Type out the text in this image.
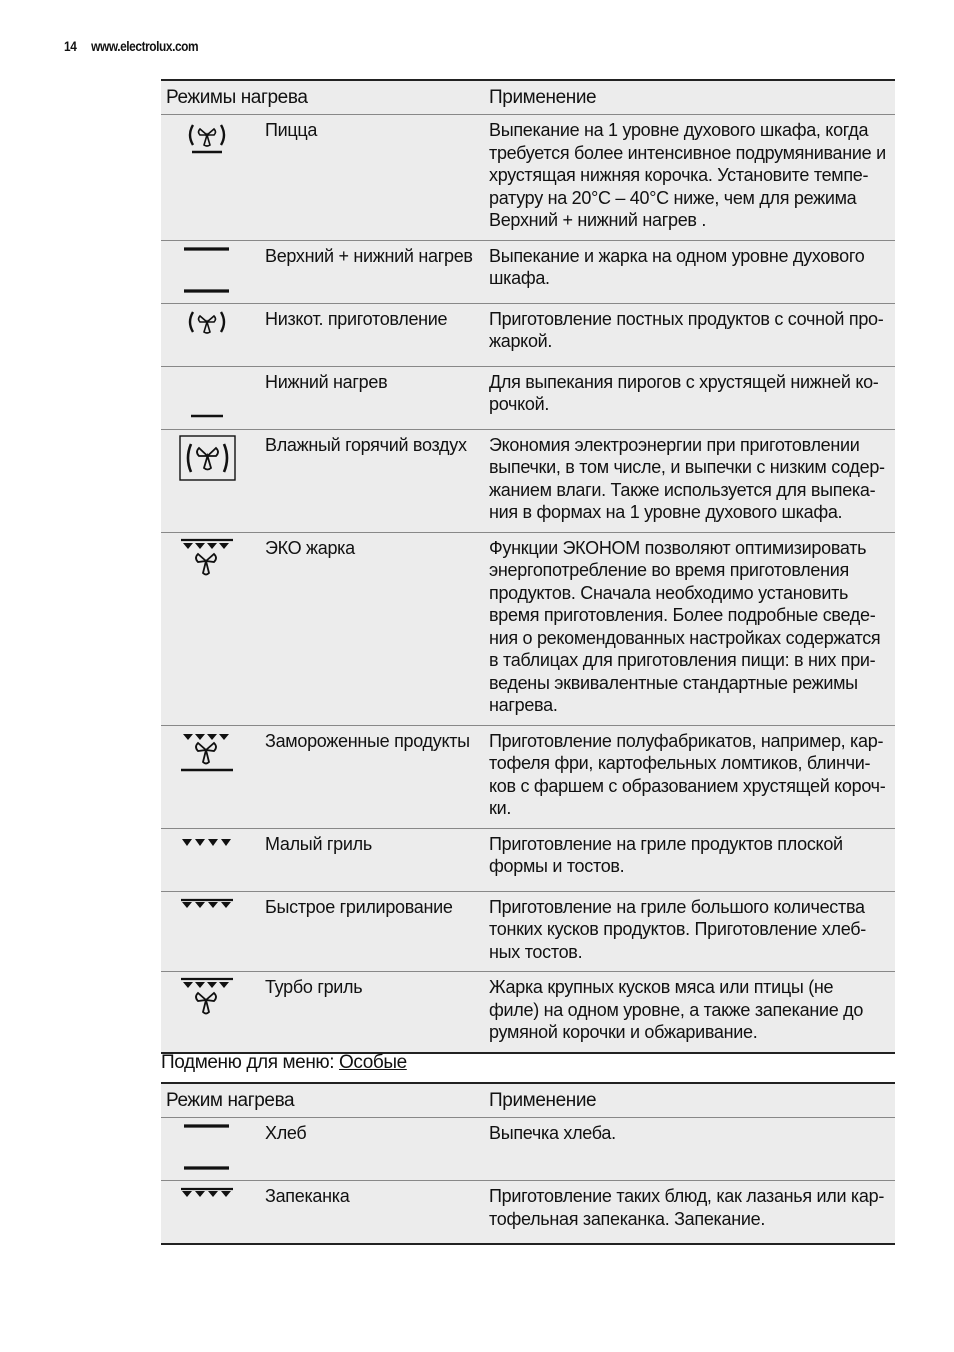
14 www.electrolux.com
Режимы нагрева		Применение

	Пицца	Выпекание на 1 уровне духового шкафа, когда требуется более интенсивное подрумянивание и хрустящая нижняя корочка. Установите темпе-ратуру на 20°C – 40°C ниже, чем для режима Верхний + нижний нагрев .

	Верхний + нижний нагрев	Выпекание и жарка на одном уровне духового шкафа.

	Низкот. приготовление	Приготовление постных продуктов с сочной про-жаркой.

	Нижний нагрев	Для выпекания пирогов с хрустящей нижней ко-рочкой.

	Влажный горячий воздух	Экономия электроэнергии при приготовлении выпечки, в том числе, и выпечки с низким содер-жанием влаги. Также используется для выпека-ния в формах на 1 уровне духового шкафа.

	ЭКО жарка	Функции ЭКОНОМ позволяют оптимизировать энергопотребление во время приготовления продуктов. Сначала необходимо установить время приготовления. Более подробные сведе-ния о рекомендованных настройках содержатся в таблицах для приготовления пищи: в них при-ведены эквивалентные стандартные режимы нагрева.

	Замороженные продукты	Приготовление полуфабрикатов, например, кар-тофеля фри, картофельных ломтиков, блинчи-ков с фаршем с образованием хрустящей короч-ки.

	Малый гриль	Приготовление на гриле продуктов плоской формы и тостов.

	Быстрое грилирование	Приготовление на гриле большого количества тонких кусков продуктов. Приготовление хлеб-ных тостов.

	Турбо гриль	Жарка крупных кусков мяса или птицы (не филе) на одном уровне, а также запекание до румяной корочки и обжаривание.
Подменю для меню: Особые
Режим нагрева		Применение

	Хлеб	Выпечка хлеба.

	Запеканка	Приготовление таких блюд, как лазанья или кар-тофельная запеканка. Запекание.
